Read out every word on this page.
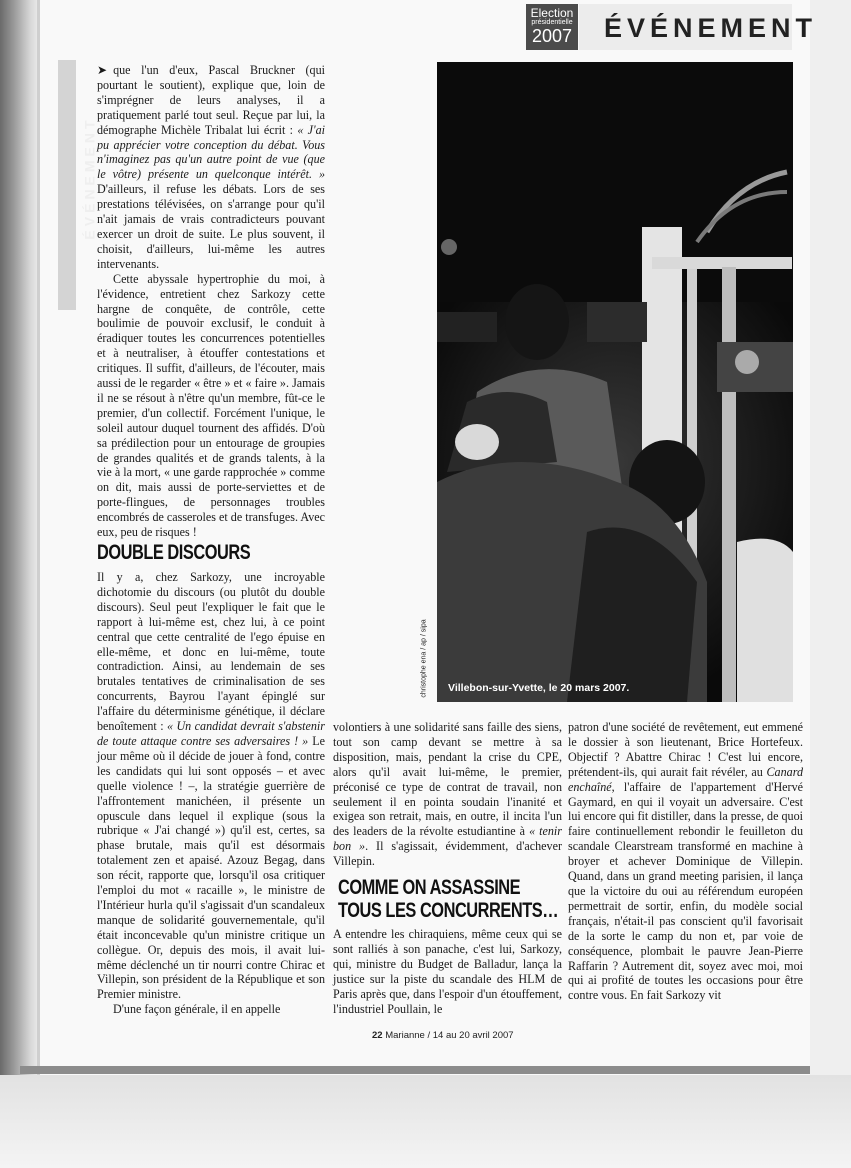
ÉVÉNEMENT
Election
présidentielle
2007 ÉVÉNEMENT

➤ que l'un d'eux, Pascal Bruckner (qui pourtant le soutient), explique que, loin de s'imprégner de leurs analyses, il a pratiquement parlé tout seul. Reçue par lui, la démographe Michèle Tribalat lui écrit : « J'ai pu apprécier votre conception du débat. Vous n'imaginez pas qu'un autre point de vue (que le vôtre) présente un quelconque intérêt. » D'ailleurs, il refuse les débats. Lors de ses prestations télévisées, on s'arrange pour qu'il n'ait jamais de vrais contradicteurs pouvant exercer un droit de suite. Le plus souvent, il choisit, d'ailleurs, lui-même les autres intervenants.

Cette abyssale hypertrophie du moi, à l'évidence, entretient chez Sarkozy cette hargne de conquête, de contrôle, cette boulimie de pouvoir exclusif, le conduit à éradiquer toutes les concurrences potentielles et à neutraliser, à étouffer contestations et critiques. Il suffit, d'ailleurs, de l'écouter, mais aussi de le regarder « être » et « faire ». Jamais il ne se résout à n'être qu'un membre, fût-ce le premier, d'un collectif. Forcément l'unique, le soleil autour duquel tournent des affidés. D'où sa prédilection pour un entourage de groupies de grandes qualités et de grands talents, à la vie à la mort, « une garde rapprochée » comme on dit, mais aussi de porte-serviettes et de porte-flingues, de personnages troubles encombrés de casseroles et de transfuges. Avec eux, peu de risques !

DOUBLE DISCOURS

Il y a, chez Sarkozy, une incroyable dichotomie du discours (ou plutôt du double discours). Seul peut l'expliquer le fait que le rapport à lui-même est, chez lui, à ce point central que cette centralité de l'ego épuise en elle-même, et donc en lui-même, toute contradiction. Ainsi, au lendemain de ses brutales tentatives de criminalisation de ses concurrents, Bayrou l'ayant épinglé sur l'affaire du déterminisme génétique, il déclare benoîtement : « Un candidat devrait s'abstenir de toute attaque contre ses adversaires ! » Le jour même où il décide de jouer à fond, contre les candidats qui lui sont opposés – et avec quelle violence ! –, la stratégie guerrière de l'affrontement manichéen, il présente un opuscule dans lequel il explique (sous la rubrique « J'ai changé ») qu'il est, certes, sa phase brutale, mais qu'il est désormais totalement zen et apaisé. Azouz Begag, dans son récit, rapporte que, lorsqu'il osa critiquer l'emploi du mot « racaille », le ministre de l'Intérieur hurla qu'il s'agissait d'un scandaleux manque de solidarité gouvernementale, qu'il était inconcevable qu'un ministre critique un collègue. Or, depuis des mois, il avait lui-même déclenché un tir nourri contre Chirac et Villepin, son président de la République et son Premier ministre.

D'une façon générale, il en appelle

christophe ena / ap / sipa Villebon-sur-Yvette, le 20 mars 2007.

volontiers à une solidarité sans faille des siens, tout son camp devant se mettre à sa disposition, mais, pendant la crise du CPE, alors qu'il avait lui-même, le premier, préconisé ce type de contrat de travail, non seulement il en pointa soudain l'inanité et exigea son retrait, mais, en outre, il incita l'un des leaders de la révolte estudiantine à « tenir bon ». Il s'agissait, évidemment, d'achever Villepin.

COMME ON ASSASSINE
TOUS LES CONCURRENTS…

A entendre les chiraquiens, même ceux qui se sont ralliés à son panache, c'est lui, Sarkozy, qui, ministre du Budget de Balladur, lança la justice sur la piste du scandale des HLM de Paris après que, dans l'espoir d'un étouffement, l'industriel Poullain, le

patron d'une société de revêtement, eut emmené le dossier à son lieutenant, Brice Hortefeux. Objectif ? Abattre Chirac ! C'est lui encore, prétendent-ils, qui aurait fait révéler, au Canard enchaîné, l'affaire de l'appartement d'Hervé Gaymard, en qui il voyait un adversaire. C'est lui encore qui fit distiller, dans la presse, de quoi faire continuellement rebondir le feuilleton du scandale Clearstream transformé en machine à broyer et achever Dominique de Villepin. Quand, dans un grand meeting parisien, il lança que la victoire du oui au référendum européen permettrait de sortir, enfin, du modèle social français, n'était-il pas conscient qu'il favorisait de la sorte le camp du non et, par voie de conséquence, plombait le pauvre Jean-Pierre Raffarin ? Autrement dit, soyez avec moi, moi qui ai profité de toutes les occasions pour être contre vous. En fait Sarkozy vit

22 Marianne / 14 au 20 avril 2007
